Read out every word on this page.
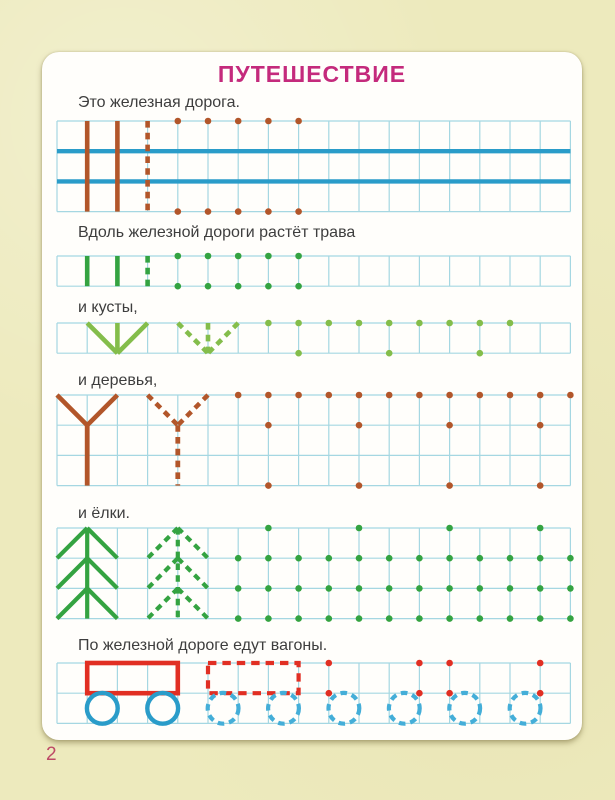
ПУТЕШЕСТВИЕ
Это железная дорога.
Вдоль железной дороги растёт трава
и кусты,
и деревья,
и ёлки.
По железной дороге едут вагоны.
2
